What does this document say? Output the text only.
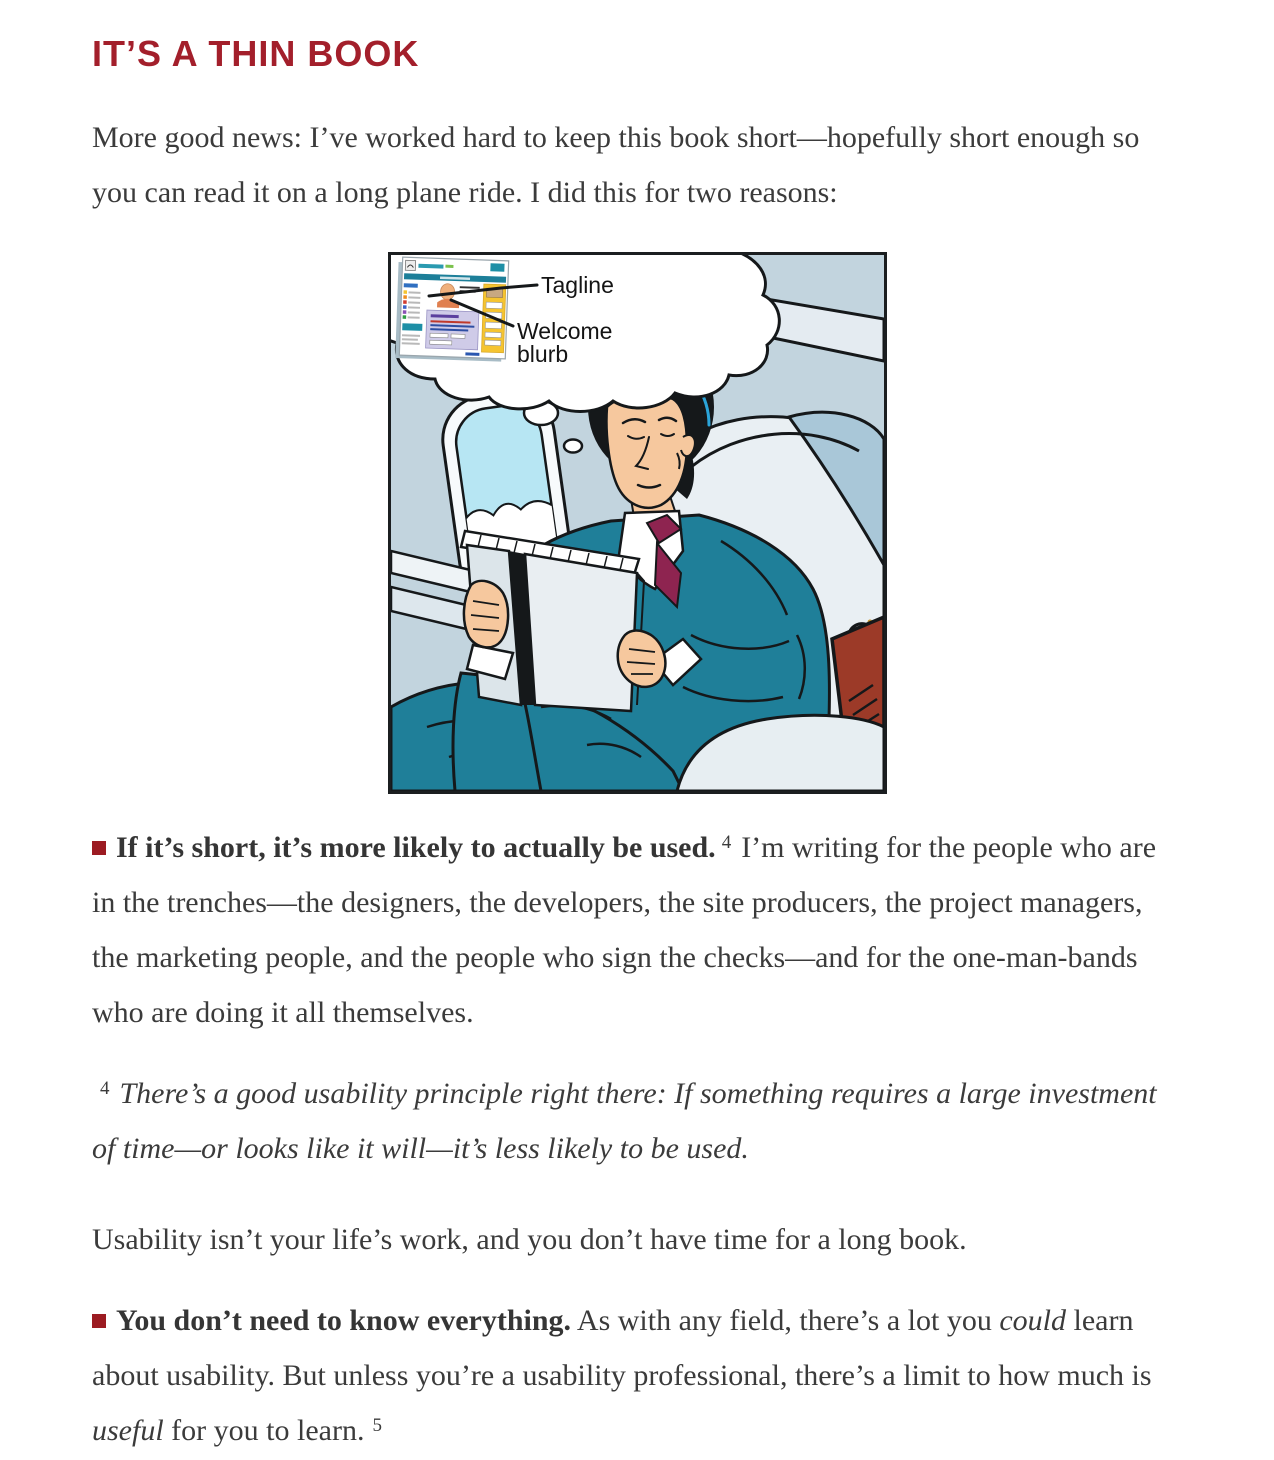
IT’S A THIN BOOK

More good news: I’ve worked hard to keep this book short—hopefully short enough so you can read it on a long plane ride. I did this for two reasons:

Tagline
Welcome
blurb

If it’s short, it’s more likely to actually be used. $^4$ I’m writing for the people who are in the trenches—the designers, the developers, the site producers, the project managers, the marketing people, and the people who sign the checks—and for the one-man-bands who are doing it all themselves.

$^4$ There’s a good usability principle right there: If something requires a large investment of time—or looks like it will—it’s less likely to be used.

Usability isn’t your life’s work, and you don’t have time for a long book.

You don’t need to know everything. As with any field, there’s a lot you could learn about usability. But unless you’re a usability professional, there’s a limit to how much is useful for you to learn. $^5$
